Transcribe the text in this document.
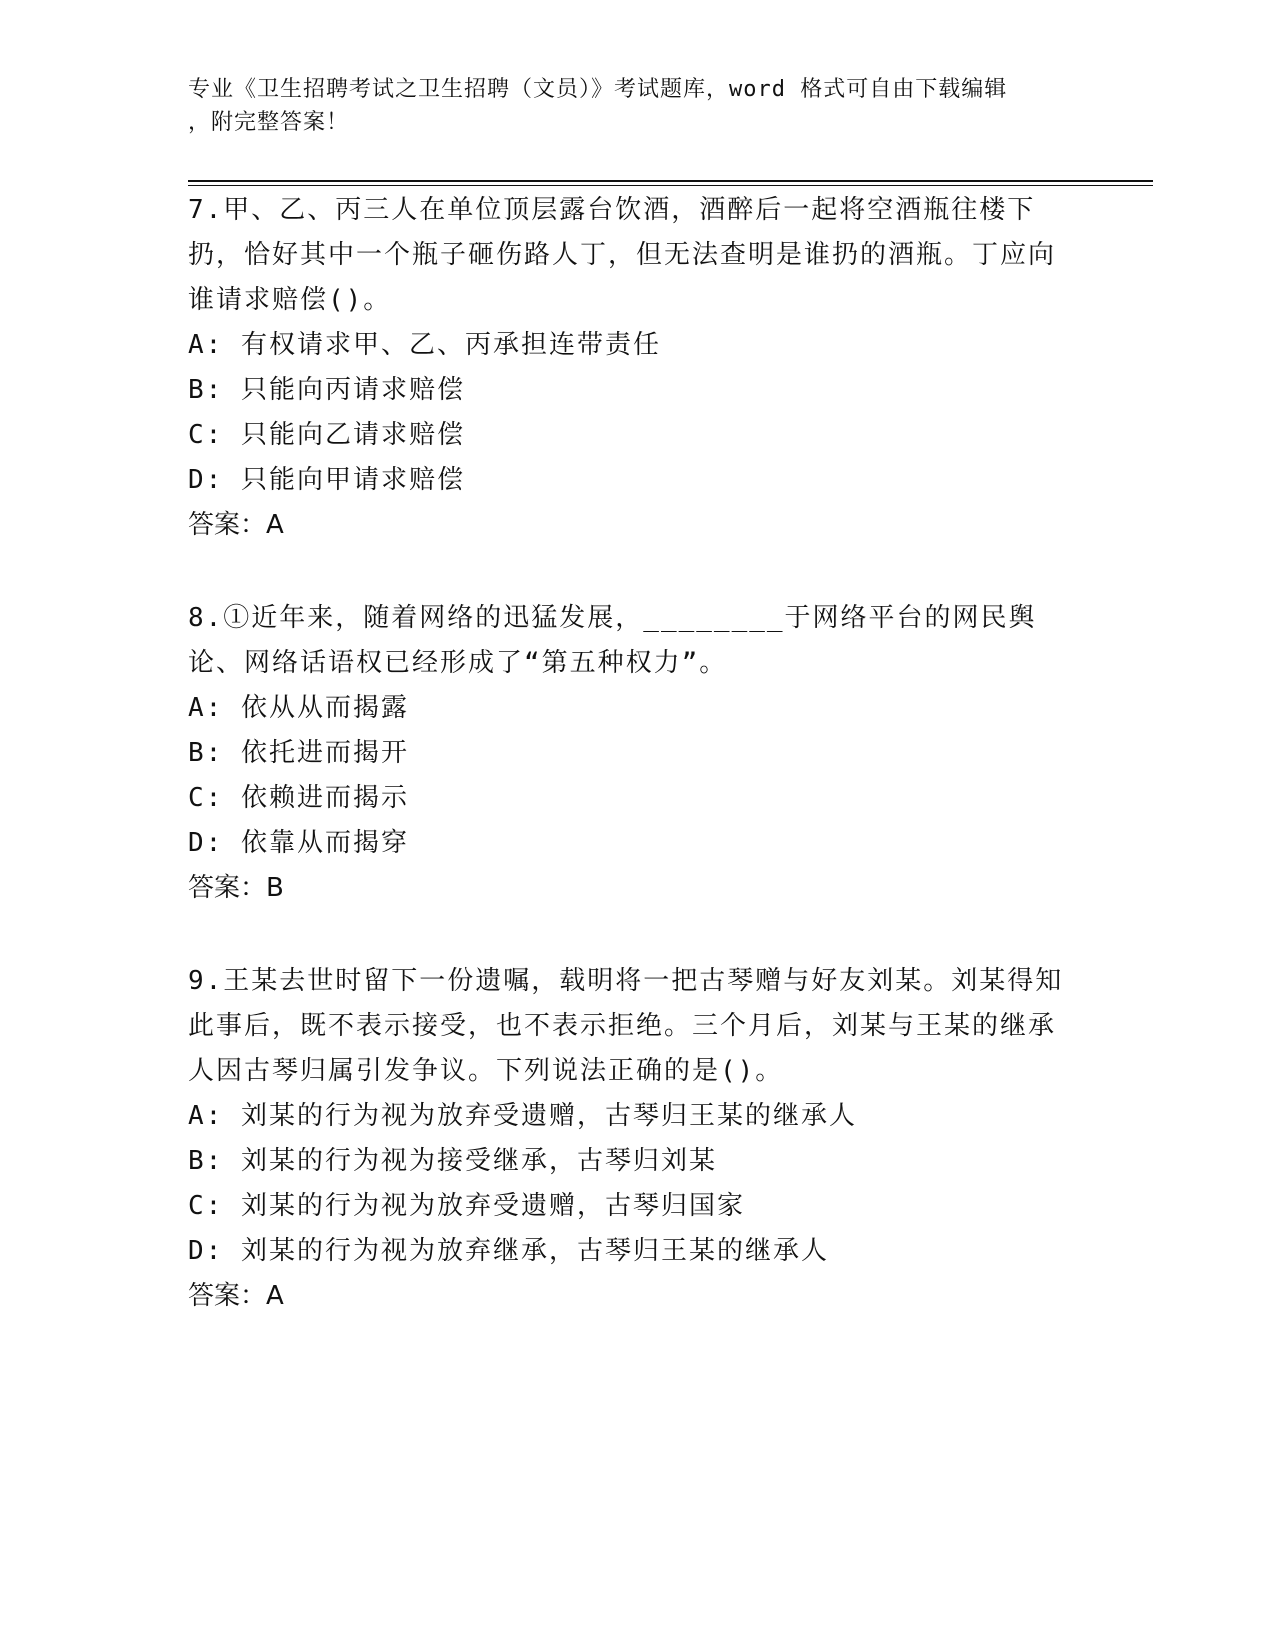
专业《卫生招聘考试之卫生招聘（文员）》考试题库，word 格式可自由下载编辑
，附完整答案！

7.甲、乙、丙三人在单位顶层露台饮酒，酒醉后一起将空酒瓶往楼下扔，恰好其中一个瓶子砸伤路人丁，但无法查明是谁扔的酒瓶。丁应向谁请求赔偿()。

A: 有权请求甲、乙、丙承担连带责任

B: 只能向丙请求赔偿

C: 只能向乙请求赔偿

D: 只能向甲请求赔偿

答案：A

8.①近年来，随着网络的迅猛发展，________于网络平台的网民舆论、网络话语权已经形成了“第五种权力”。

A: 依从从而揭露

B: 依托进而揭开

C: 依赖进而揭示

D: 依靠从而揭穿

答案：B

9.王某去世时留下一份遗嘱，载明将一把古琴赠与好友刘某。刘某得知此事后，既不表示接受，也不表示拒绝。三个月后，刘某与王某的继承人因古琴归属引发争议。下列说法正确的是()。

A: 刘某的行为视为放弃受遗赠，古琴归王某的继承人

B: 刘某的行为视为接受继承，古琴归刘某

C: 刘某的行为视为放弃受遗赠，古琴归国家

D: 刘某的行为视为放弃继承，古琴归王某的继承人

答案：A
